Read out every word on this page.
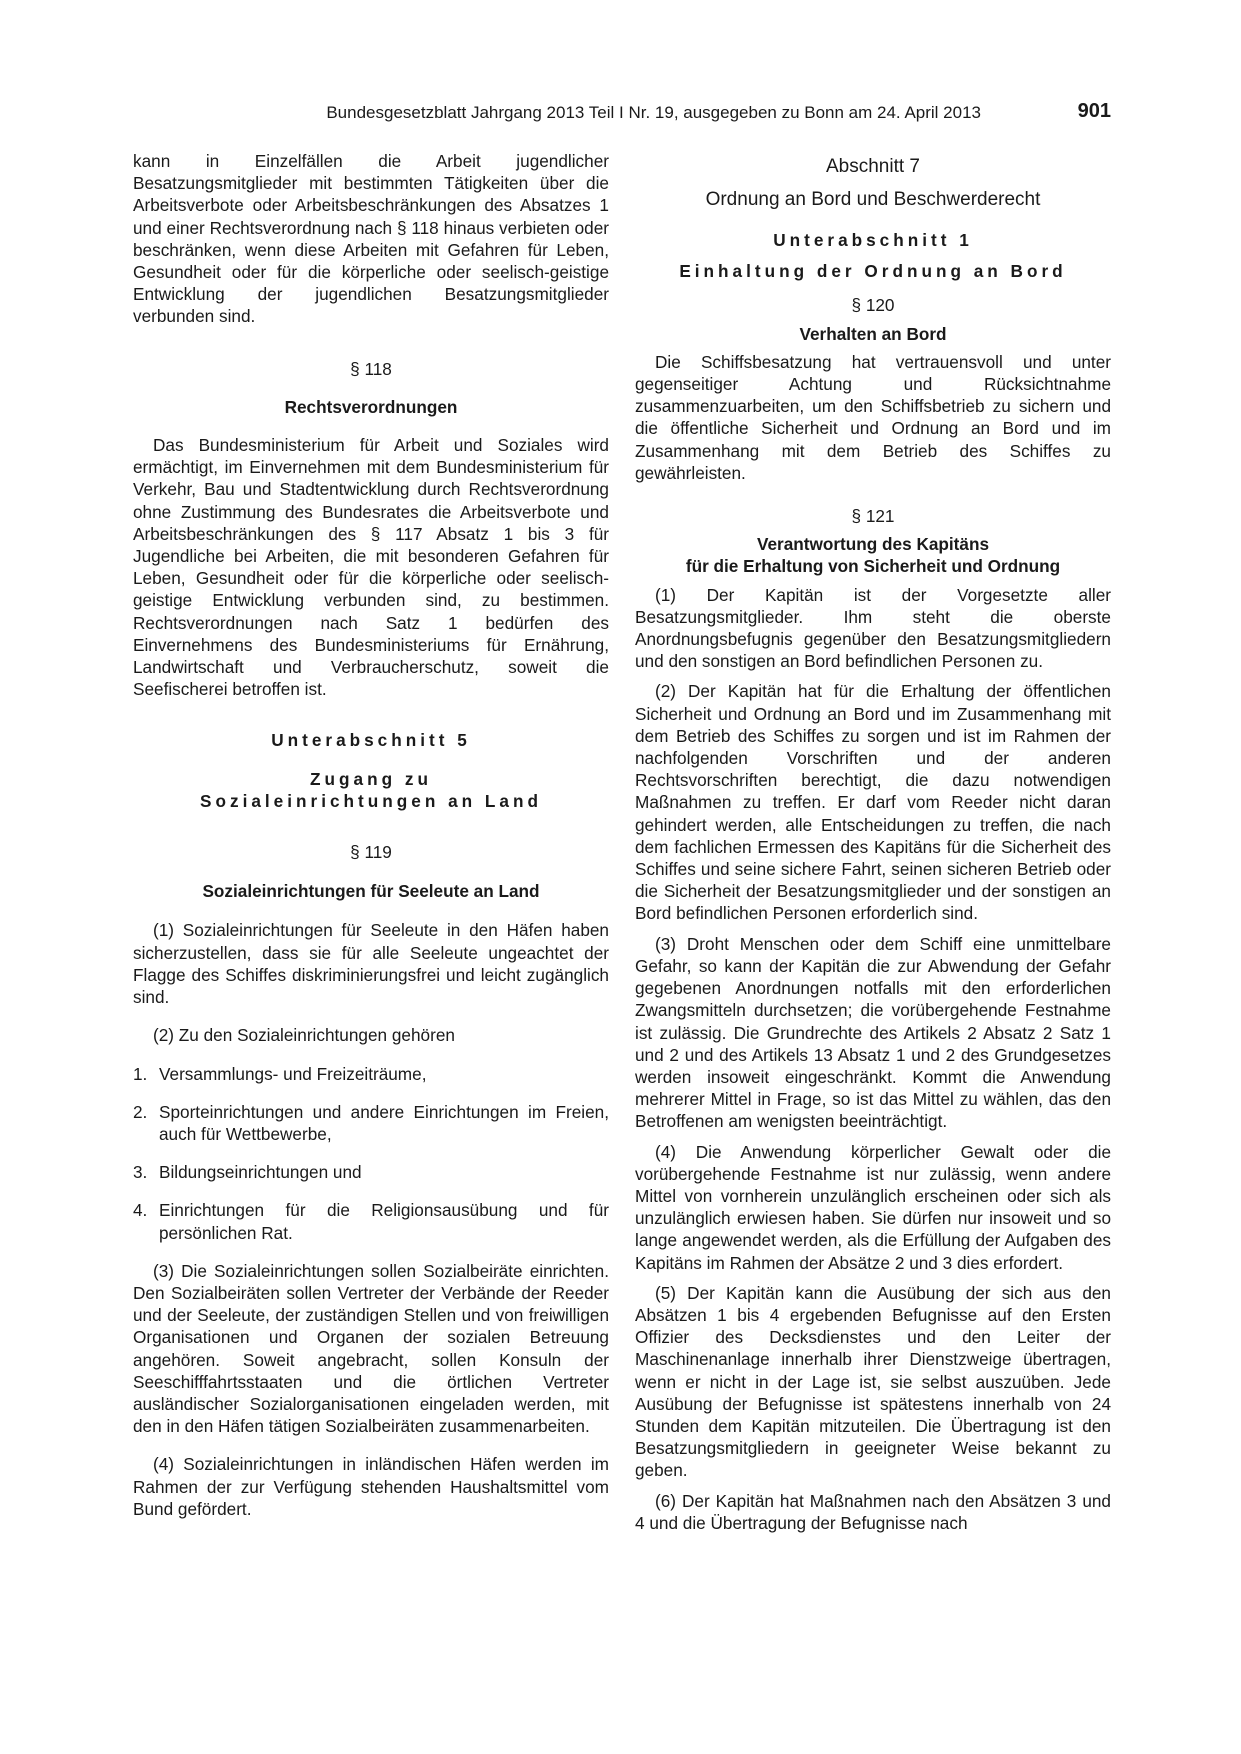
Bundesgesetzblatt Jahrgang 2013 Teil I Nr. 19, ausgegeben zu Bonn am 24. April 2013	901

kann in Einzelfällen die Arbeit jugendlicher Besatzungsmitglieder mit bestimmten Tätigkeiten über die Arbeitsverbote oder Arbeitsbeschränkungen des Absatzes 1 und einer Rechtsverordnung nach § 118 hinaus verbieten oder beschränken, wenn diese Arbeiten mit Gefahren für Leben, Gesundheit oder für die körperliche oder seelisch-geistige Entwicklung der jugendlichen Besatzungsmitglieder verbunden sind.

§ 118

Rechtsverordnungen

Das Bundesministerium für Arbeit und Soziales wird ermächtigt, im Einvernehmen mit dem Bundesministerium für Verkehr, Bau und Stadtentwicklung durch Rechtsverordnung ohne Zustimmung des Bundesrates die Arbeitsverbote und Arbeitsbeschränkungen des § 117 Absatz 1 bis 3 für Jugendliche bei Arbeiten, die mit besonderen Gefahren für Leben, Gesundheit oder für die körperliche oder seelisch-geistige Entwicklung verbunden sind, zu bestimmen. Rechtsverordnungen nach Satz 1 bedürfen des Einvernehmens des Bundesministeriums für Ernährung, Landwirtschaft und Verbraucherschutz, soweit die Seefischerei betroffen ist.

Unterabschnitt 5

Zugang zu

Sozialeinrichtungen an Land

§ 119

Sozialeinrichtungen für Seeleute an Land

(1) Sozialeinrichtungen für Seeleute in den Häfen haben sicherzustellen, dass sie für alle Seeleute ungeachtet der Flagge des Schiffes diskriminierungsfrei und leicht zugänglich sind.

(2) Zu den Sozialeinrichtungen gehören

1. Versammlungs- und Freizeiträume,
2. Sporteinrichtungen und andere Einrichtungen im Freien, auch für Wettbewerbe,
3. Bildungseinrichtungen und
4. Einrichtungen für die Religionsausübung und für persönlichen Rat.

(3) Die Sozialeinrichtungen sollen Sozialbeiräte einrichten. Den Sozialbeiräten sollen Vertreter der Verbände der Reeder und der Seeleute, der zuständigen Stellen und von freiwilligen Organisationen und Organen der sozialen Betreuung angehören. Soweit angebracht, sollen Konsuln der Seeschifffahrtsstaaten und die örtlichen Vertreter ausländischer Sozialorganisationen eingeladen werden, mit den in den Häfen tätigen Sozialbeiräten zusammenarbeiten.

(4) Sozialeinrichtungen in inländischen Häfen werden im Rahmen der zur Verfügung stehenden Haushaltsmittel vom Bund gefördert.

Abschnitt 7

Ordnung an Bord und Beschwerderecht

Unterabschnitt 1

Einhaltung der Ordnung an Bord

§ 120

Verhalten an Bord

Die Schiffsbesatzung hat vertrauensvoll und unter gegenseitiger Achtung und Rücksichtnahme zusammenzuarbeiten, um den Schiffsbetrieb zu sichern und die öffentliche Sicherheit und Ordnung an Bord und im Zusammenhang mit dem Betrieb des Schiffes zu gewährleisten.

§ 121

Verantwortung des Kapitäns

für die Erhaltung von Sicherheit und Ordnung

(1) Der Kapitän ist der Vorgesetzte aller Besatzungsmitglieder. Ihm steht die oberste Anordnungsbefugnis gegenüber den Besatzungsmitgliedern und den sonstigen an Bord befindlichen Personen zu.

(2) Der Kapitän hat für die Erhaltung der öffentlichen Sicherheit und Ordnung an Bord und im Zusammenhang mit dem Betrieb des Schiffes zu sorgen und ist im Rahmen der nachfolgenden Vorschriften und der anderen Rechtsvorschriften berechtigt, die dazu notwendigen Maßnahmen zu treffen. Er darf vom Reeder nicht daran gehindert werden, alle Entscheidungen zu treffen, die nach dem fachlichen Ermessen des Kapitäns für die Sicherheit des Schiffes und seine sichere Fahrt, seinen sicheren Betrieb oder die Sicherheit der Besatzungsmitglieder und der sonstigen an Bord befindlichen Personen erforderlich sind.

(3) Droht Menschen oder dem Schiff eine unmittelbare Gefahr, so kann der Kapitän die zur Abwendung der Gefahr gegebenen Anordnungen notfalls mit den erforderlichen Zwangsmitteln durchsetzen; die vorübergehende Festnahme ist zulässig. Die Grundrechte des Artikels 2 Absatz 2 Satz 1 und 2 und des Artikels 13 Absatz 1 und 2 des Grundgesetzes werden insoweit eingeschränkt. Kommt die Anwendung mehrerer Mittel in Frage, so ist das Mittel zu wählen, das den Betroffenen am wenigsten beeinträchtigt.

(4) Die Anwendung körperlicher Gewalt oder die vorübergehende Festnahme ist nur zulässig, wenn andere Mittel von vornherein unzulänglich erscheinen oder sich als unzulänglich erwiesen haben. Sie dürfen nur insoweit und so lange angewendet werden, als die Erfüllung der Aufgaben des Kapitäns im Rahmen der Absätze 2 und 3 dies erfordert.

(5) Der Kapitän kann die Ausübung der sich aus den Absätzen 1 bis 4 ergebenden Befugnisse auf den Ersten Offizier des Decksdienstes und den Leiter der Maschinenanlage innerhalb ihrer Dienstzweige übertragen, wenn er nicht in der Lage ist, sie selbst auszuüben. Jede Ausübung der Befugnisse ist spätestens innerhalb von 24 Stunden dem Kapitän mitzuteilen. Die Übertragung ist den Besatzungsmitgliedern in geeigneter Weise bekannt zu geben.

(6) Der Kapitän hat Maßnahmen nach den Absätzen 3 und 4 und die Übertragung der Befugnisse nach
